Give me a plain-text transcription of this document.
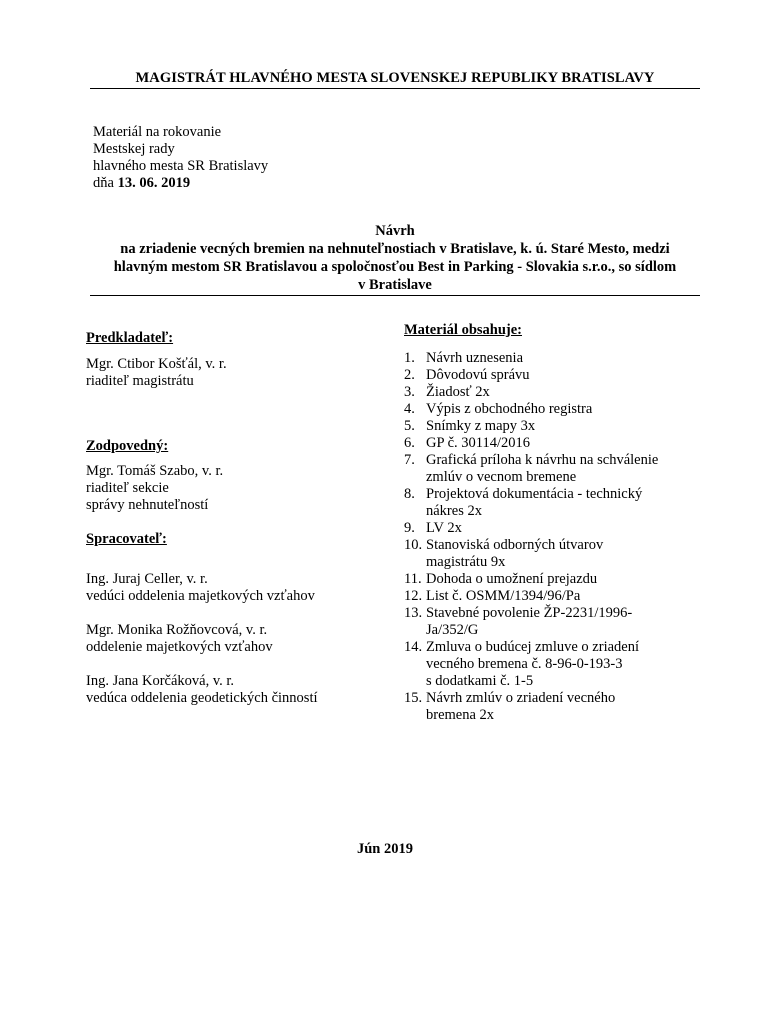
MAGISTRÁT HLAVNÉHO MESTA SLOVENSKEJ REPUBLIKY BRATISLAVY
Materiál na rokovanie
Mestskej rady
hlavného mesta SR Bratislavy
dňa 13. 06. 2019
Návrh
na zriadenie vecných bremien na nehnuteľnostiach v Bratislave, k. ú. Staré Mesto, medzi
hlavným mestom SR Bratislavou a spoločnosťou Best in Parking - Slovakia s.r.o., so sídlom
v Bratislave
Predkladateľ:
Mgr. Ctibor Košťál, v. r.
riaditeľ magistrátu
Zodpovedný:
Mgr. Tomáš Szabo, v. r.
riaditeľ sekcie
správy nehnuteľností
Spracovateľ:
Ing. Juraj Celler, v. r.
vedúci oddelenia majetkových vzťahov
Mgr. Monika Rožňovcová, v. r.
oddelenie majetkových vzťahov
Ing. Jana Korčáková, v. r.
vedúca oddelenia geodetických činností
Materiál obsahuje:
1. Návrh uznesenia
2. Dôvodovú správu
3. Žiadosť 2x
4. Výpis z obchodného registra
5. Snímky z mapy 3x
6. GP č. 30114/2016
7. Grafická príloha k návrhu na schválenie
zmlúv o vecnom bremene
8. Projektová dokumentácia - technický
nákres 2x
9. LV 2x
10. Stanoviská odborných útvarov
magistrátu 9x
11. Dohoda o umožnení prejazdu
12. List č. OSMM/1394/96/Pa
13. Stavebné povolenie ŽP-2231/1996-
Ja/352/G
14. Zmluva o budúcej zmluve o zriadení
vecného bremena č. 8-96-0-193-3
s dodatkami č. 1-5
15. Návrh zmlúv o zriadení vecného
bremena 2x
Jún 2019
